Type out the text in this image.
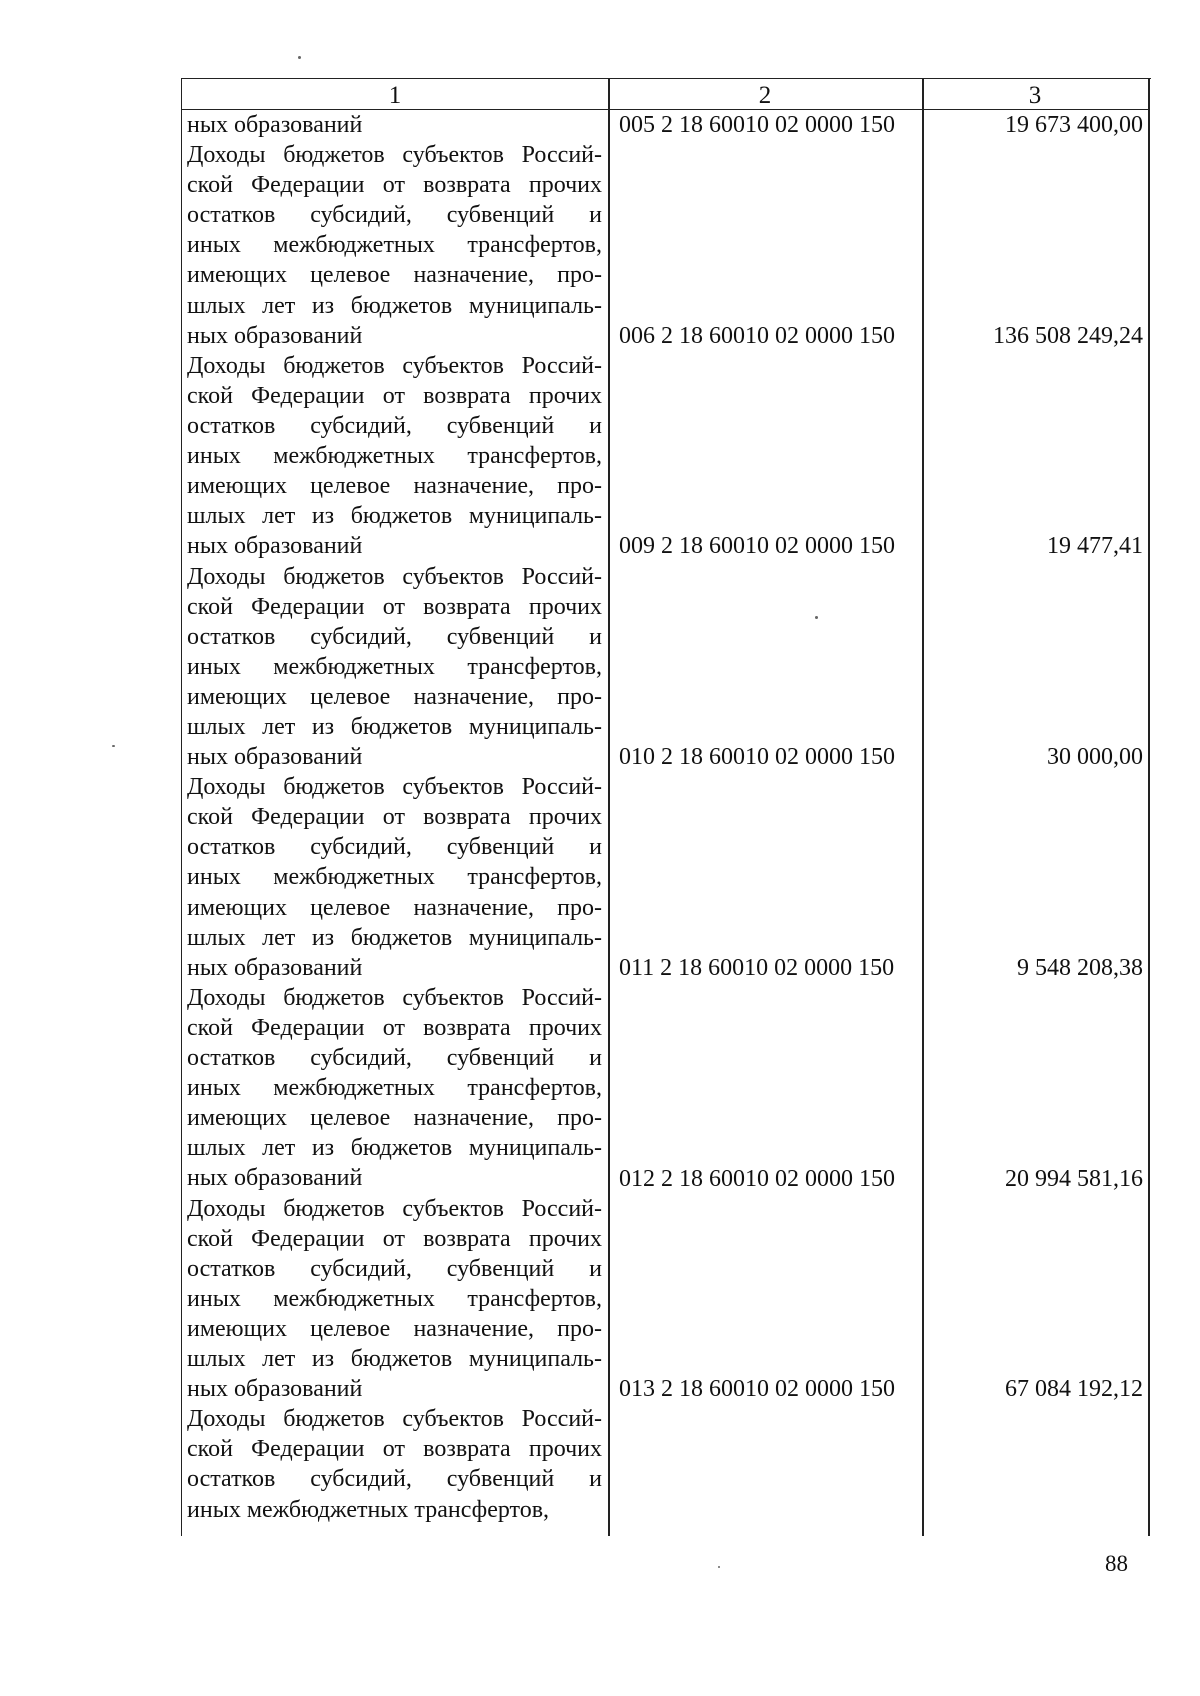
1	2	3
ных образований	005 2 18 60010 02 0000 150	19 673 400,00
Доходы бюджетов субъектов Россий-
ской Федерации от возврата прочих
остатков субсидий, субвенций и
иных межбюджетных трансфертов,
имеющих целевое назначение, про-
шлых лет из бюджетов муниципаль-
ных образований	006 2 18 60010 02 0000 150	136 508 249,24
Доходы бюджетов субъектов Россий-
ской Федерации от возврата прочих
остатков субсидий, субвенций и
иных межбюджетных трансфертов,
имеющих целевое назначение, про-
шлых лет из бюджетов муниципаль-
ных образований	009 2 18 60010 02 0000 150	19 477,41
Доходы бюджетов субъектов Россий-
ской Федерации от возврата прочих
остатков субсидий, субвенций и
иных межбюджетных трансфертов,
имеющих целевое назначение, про-
шлых лет из бюджетов муниципаль-
ных образований	010 2 18 60010 02 0000 150	30 000,00
Доходы бюджетов субъектов Россий-
ской Федерации от возврата прочих
остатков субсидий, субвенций и
иных межбюджетных трансфертов,
имеющих целевое назначение, про-
шлых лет из бюджетов муниципаль-
ных образований	011 2 18 60010 02 0000 150	9 548 208,38
Доходы бюджетов субъектов Россий-
ской Федерации от возврата прочих
остатков субсидий, субвенций и
иных межбюджетных трансфертов,
имеющих целевое назначение, про-
шлых лет из бюджетов муниципаль-
ных образований	012 2 18 60010 02 0000 150	20 994 581,16
Доходы бюджетов субъектов Россий-
ской Федерации от возврата прочих
остатков субсидий, субвенций и
иных межбюджетных трансфертов,
имеющих целевое назначение, про-
шлых лет из бюджетов муниципаль-
ных образований	013 2 18 60010 02 0000 150	67 084 192,12
Доходы бюджетов субъектов Россий-
ской Федерации от возврата прочих
остатков субсидий, субвенций и
иных межбюджетных трансфертов,
88
